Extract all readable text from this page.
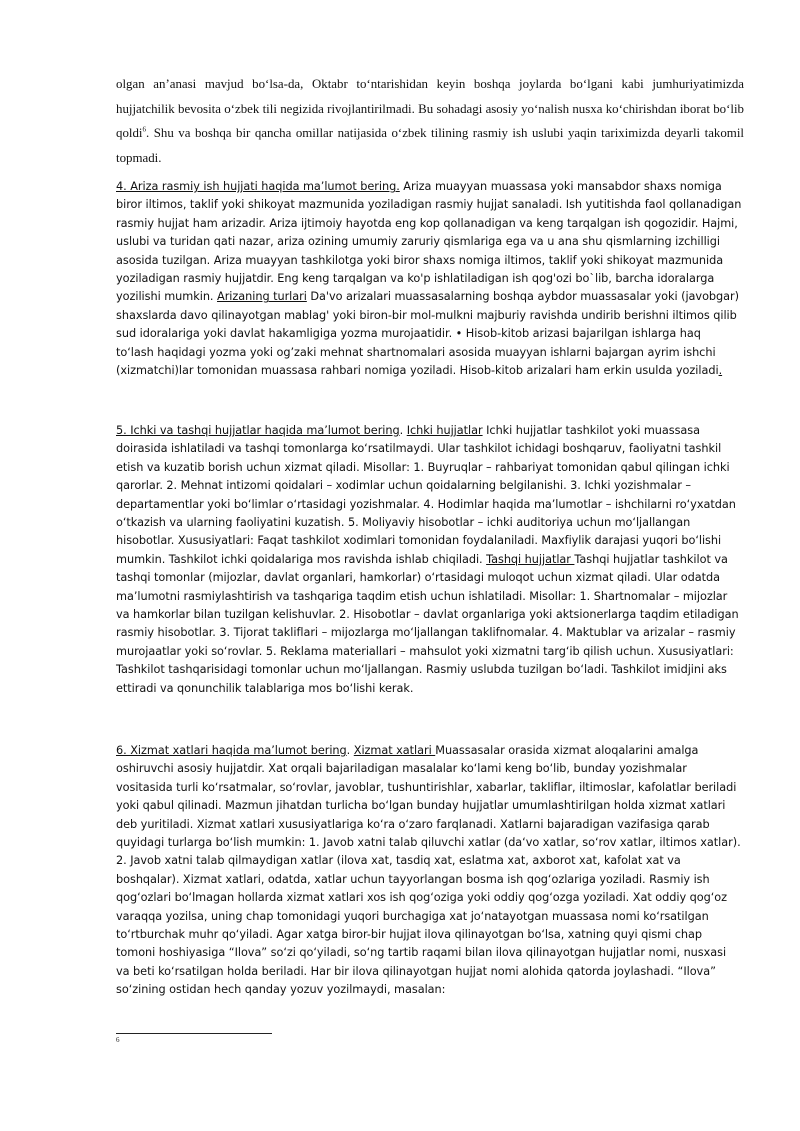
olgan an’anasi mavjud bo‘lsa-da, Oktabr to‘ntarishidan keyin boshqa joylarda bo‘lgani kabi jumhuriyatimizda hujjatchilik bevosita o‘zbek tili negizida rivojlantirilmadi. Bu sohadagi asosiy yo‘nalish nusxa ko‘chirishdan iborat bo‘lib qoldi$^6$. Shu va boshqa bir qancha omillar natijasida o‘zbek tilining rasmiy ish uslubi yaqin tariximizda deyarli takomil topmadi.

4. Ariza rasmiy ish hujjati haqida ma’lumot bering. Ariza muayyan muassasa yoki mansabdor shaxs nomiga biror iltimos, taklif yoki shikoyat mazmunida yoziladigan rasmiy hujjat sanaladi. Ish yutitishda faol qollanadigan rasmiy hujjat ham arizadir. Ariza ijtimoiy hayotda eng kop qollanadigan va keng tarqalgan ish qogozidir. Hajmi, uslubi va turidan qati nazar, ariza ozining umumiy zaruriy qismlariga ega va u ana shu qismlarning izchilligi asosida tuzilgan. Ariza muayyan tashkilotga yoki biror shaxs nomiga iltimos, taklif yoki shikoyat mazmunida yoziladigan rasmiy hujjatdir. Eng keng tarqalgan va ko'p ishlatiladigan ish qog'ozi bo`lib, barcha idoralarga yozilishi mumkin. Arizaning turlari Da'vo arizalari muassasalarning boshqa aybdor muassasalar yoki (javobgar) shaxslarda davo qilinayotgan mablag' yoki biron-bir mol-mulkni majburiy ravishda undirib berishni iltimos qilib sud idoralariga yoki davlat hakamligiga yozma murojaatidir. • Hisob-kitob arizasi bajarilgan ishlarga haq to‘lash haqidagi yozma yoki og’zaki mehnat shartnomalari asosida muayyan ishlarni bajargan ayrim ishchi (xizmatchi)lar tomonidan muassasa rahbari nomiga yoziladi. Hisob-kitob arizalari ham erkin usulda yoziladi.

5. Ichki va tashqi hujjatlar haqida ma’lumot bering. Ichki hujjatlar Ichki hujjatlar tashkilot yoki muassasa doirasida ishlatiladi va tashqi tomonlarga ko‘rsatilmaydi. Ular tashkilot ichidagi boshqaruv, faoliyatni tashkil etish va kuzatib borish uchun xizmat qiladi. Misollar: 1. Buyruqlar – rahbariyat tomonidan qabul qilingan ichki qarorlar. 2. Mehnat intizomi qoidalari – xodimlar uchun qoidalarning belgilanishi. 3. Ichki yozishmalar – departamentlar yoki bo‘limlar o‘rtasidagi yozishmalar. 4. Hodimlar haqida ma’lumotlar – ishchilarni ro‘yxatdan o‘tkazish va ularning faoliyatini kuzatish. 5. Moliyaviy hisobotlar – ichki auditoriya uchun mo‘ljallangan hisobotlar. Xususiyatlari: Faqat tashkilot xodimlari tomonidan foydalaniladi. Maxfiylik darajasi yuqori bo‘lishi mumkin. Tashkilot ichki qoidalariga mos ravishda ishlab chiqiladi. Tashqi hujjatlar Tashqi hujjatlar tashkilot va tashqi tomonlar (mijozlar, davlat organlari, hamkorlar) o‘rtasidagi muloqot uchun xizmat qiladi. Ular odatda ma’lumotni rasmiylashtirish va tashqariga taqdim etish uchun ishlatiladi. Misollar: 1. Shartnomalar – mijozlar va hamkorlar bilan tuzilgan kelishuvlar. 2. Hisobotlar – davlat organlariga yoki aktsionerlarga taqdim etiladigan rasmiy hisobotlar. 3. Tijorat takliflari – mijozlarga mo‘ljallangan taklifnomalar. 4. Maktublar va arizalar – rasmiy murojaatlar yoki so‘rovlar. 5. Reklama materiallari – mahsulot yoki xizmatni targ‘ib qilish uchun. Xususiyatlari: Tashkilot tashqarisidagi tomonlar uchun mo‘ljallangan. Rasmiy uslubda tuzilgan bo‘ladi. Tashkilot imidjini aks ettiradi va qonunchilik talablariga mos bo‘lishi kerak.

6. Xizmat xatlari haqida ma’lumot bering. Xizmat xatlari Muassasalar orasida xizmat aloqalarini amalga oshiruvchi asosiy hujjatdir. Xat orqali bajariladigan masalalar ko‘lami keng bo‘lib, bunday yozishmalar vositasida turli ko‘rsatmalar, so‘rovlar, javoblar, tushuntirishlar, xabarlar, takliflar, iltimoslar, kafolatlar beriladi yoki qabul qilinadi. Mazmun jihatdan turlicha bo‘lgan bunday hujjatlar umumlashtirilgan holda xizmat xatlari deb yuritiladi. Xizmat xatlari xususiyatlariga ko‘ra o‘zaro farqlanadi. Xatlarni bajaradigan vazifasiga qarab quyidagi turlarga bo‘lish mumkin: 1. Javob xatni talab qiluvchi xatlar (da‘vo xatlar, so‘rov xatlar, iltimos xatlar). 2. Javob xatni talab qilmaydigan xatlar (ilova xat, tasdiq xat, eslatma xat, axborot xat, kafolat xat va boshqalar). Xizmat xatlari, odatda, xatlar uchun tayyorlangan bosma ish qog‘ozlariga yoziladi. Rasmiy ish qog‘ozlari bo‘lmagan hollarda xizmat xatlari xos ish qog‘oziga yoki oddiy qog‘ozga yoziladi. Xat oddiy qog‘oz varaqqa yozilsa, uning chap tomonidagi yuqori burchagiga xat jo‘natayotgan muassasa nomi ko‘rsatilgan to‘rtburchak muhr qo‘yiladi. Agar xatga biror-bir hujjat ilova qilinayotgan bo‘lsa, xatning quyi qismi chap tomoni hoshiyasiga “Ilova” so‘zi qo‘yiladi, so‘ng tartib raqami bilan ilova qilinayotgan hujjatlar nomi, nusxasi va beti ko‘rsatilgan holda beriladi. Har bir ilova qilinayotgan hujjat nomi alohida qatorda joylashadi. “Ilova” so‘zining ostidan hech qanday yozuv yozilmaydi, masalan:

6
